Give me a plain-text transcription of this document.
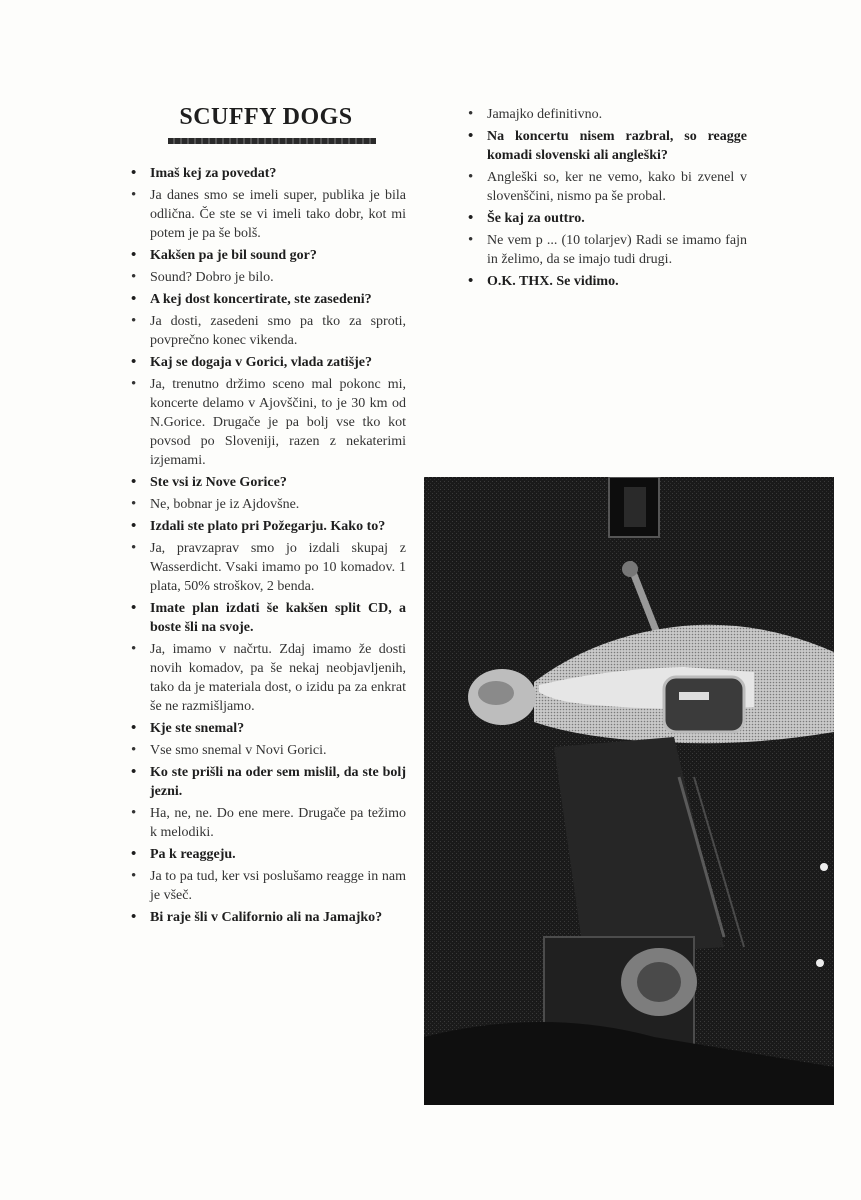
SCUFFY DOGS
• Imaš kej za povedat?
• Ja danes smo se imeli super, publika je bila odlična. Če ste se vi imeli tako dobr, kot mi potem je pa še bolš.
• Kakšen pa je bil sound gor?
• Sound? Dobro je bilo.
• A kej dost koncertirate, ste zasedeni?
• Ja dosti, zasedeni smo pa tko za sproti, povprečno konec vikenda.
• Kaj se dogaja v Gorici, vlada zatišje?
• Ja, trenutno držimo sceno mal pokonc mi, koncerte delamo v Ajovščini, to je 30 km od N.Gorice. Drugače je pa bolj vse tko kot povsod po Sloveniji, razen z nekaterimi izjemami.
• Ste vsi iz Nove Gorice?
• Ne, bobnar je iz Ajdovšne.
• Izdali ste plato pri Požegarju. Kako to?
• Ja, pravzaprav smo jo izdali skupaj z Wasserdicht. Vsaki imamo po 10 komadov. 1 plata, 50% stroškov, 2 benda.
• Imate plan izdati še kakšen split CD, a boste šli na svoje.
• Ja, imamo v načrtu. Zdaj imamo že dosti novih komadov, pa še nekaj neobjavljenih, tako da je materiala dost, o izidu pa za enkrat še ne razmišljamo.
• Kje ste snemal?
• Vse smo snemal v Novi Gorici.
• Ko ste prišli na oder sem mislil, da ste bolj jezni.
• Ha, ne, ne. Do ene mere. Drugače pa težimo k melodiki.
• Pa k reaggeju.
• Ja to pa tud, ker vsi poslušamo reagge in nam je všeč.
• Bi raje šli v Californio ali na Jamajko?
• Jamajko definitivno.
• Na koncertu nisem razbral, so reagge komadi slovenski ali angleški?
• Angleški so, ker ne vemo, kako bi zvenel v slovenščini, nismo pa še probal.
• Še kaj za outtro.
• Ne vem p ... (10 tolarjev) Radi se imamo fajn in želimo, da se imajo tudi drugi.
• O.K. THX. Se vidimo.
